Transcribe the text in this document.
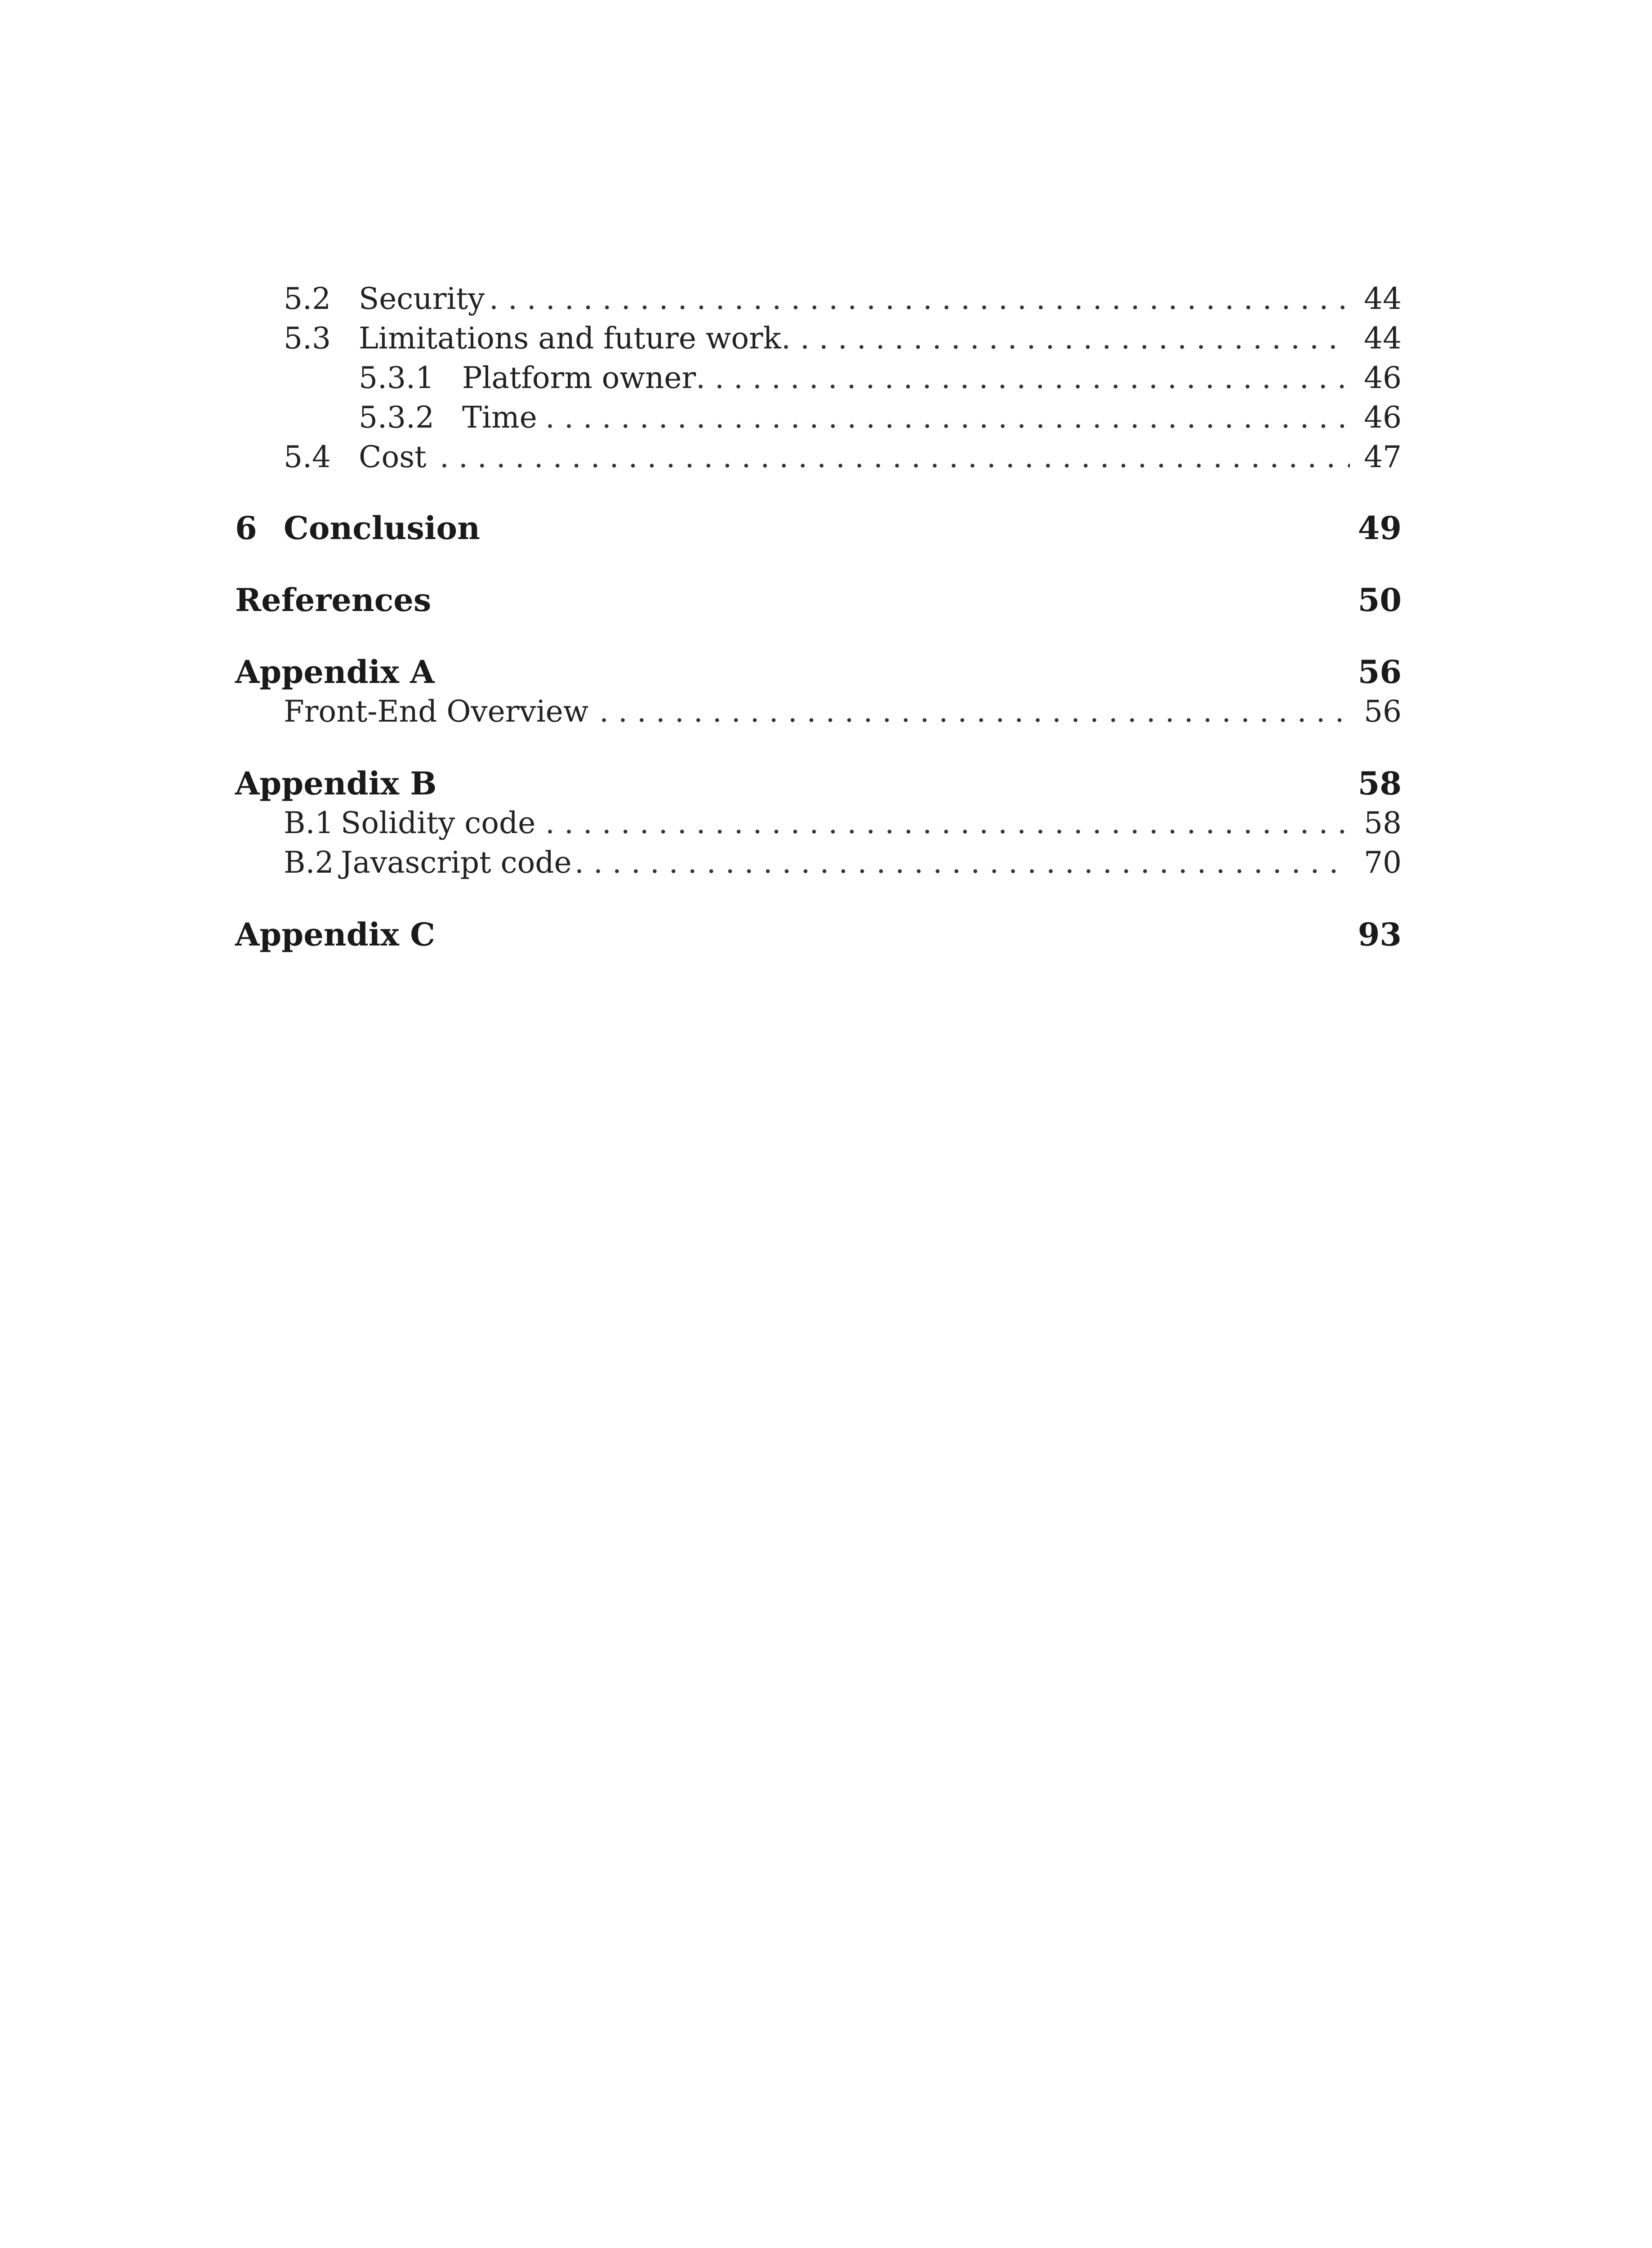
5.2 Security . . .	44
5.3 Limitations and future work . . .	44
5.3.1 Platform owner . . .	46
5.3.2 Time . . .	46
5.4 Cost . . .	47
6 Conclusion	49
References	50
Appendix A	56
Front-End Overview . . .	56
Appendix B	58
B.1 Solidity code . . .	58
B.2 Javascript code . . .	70
Appendix C	93
